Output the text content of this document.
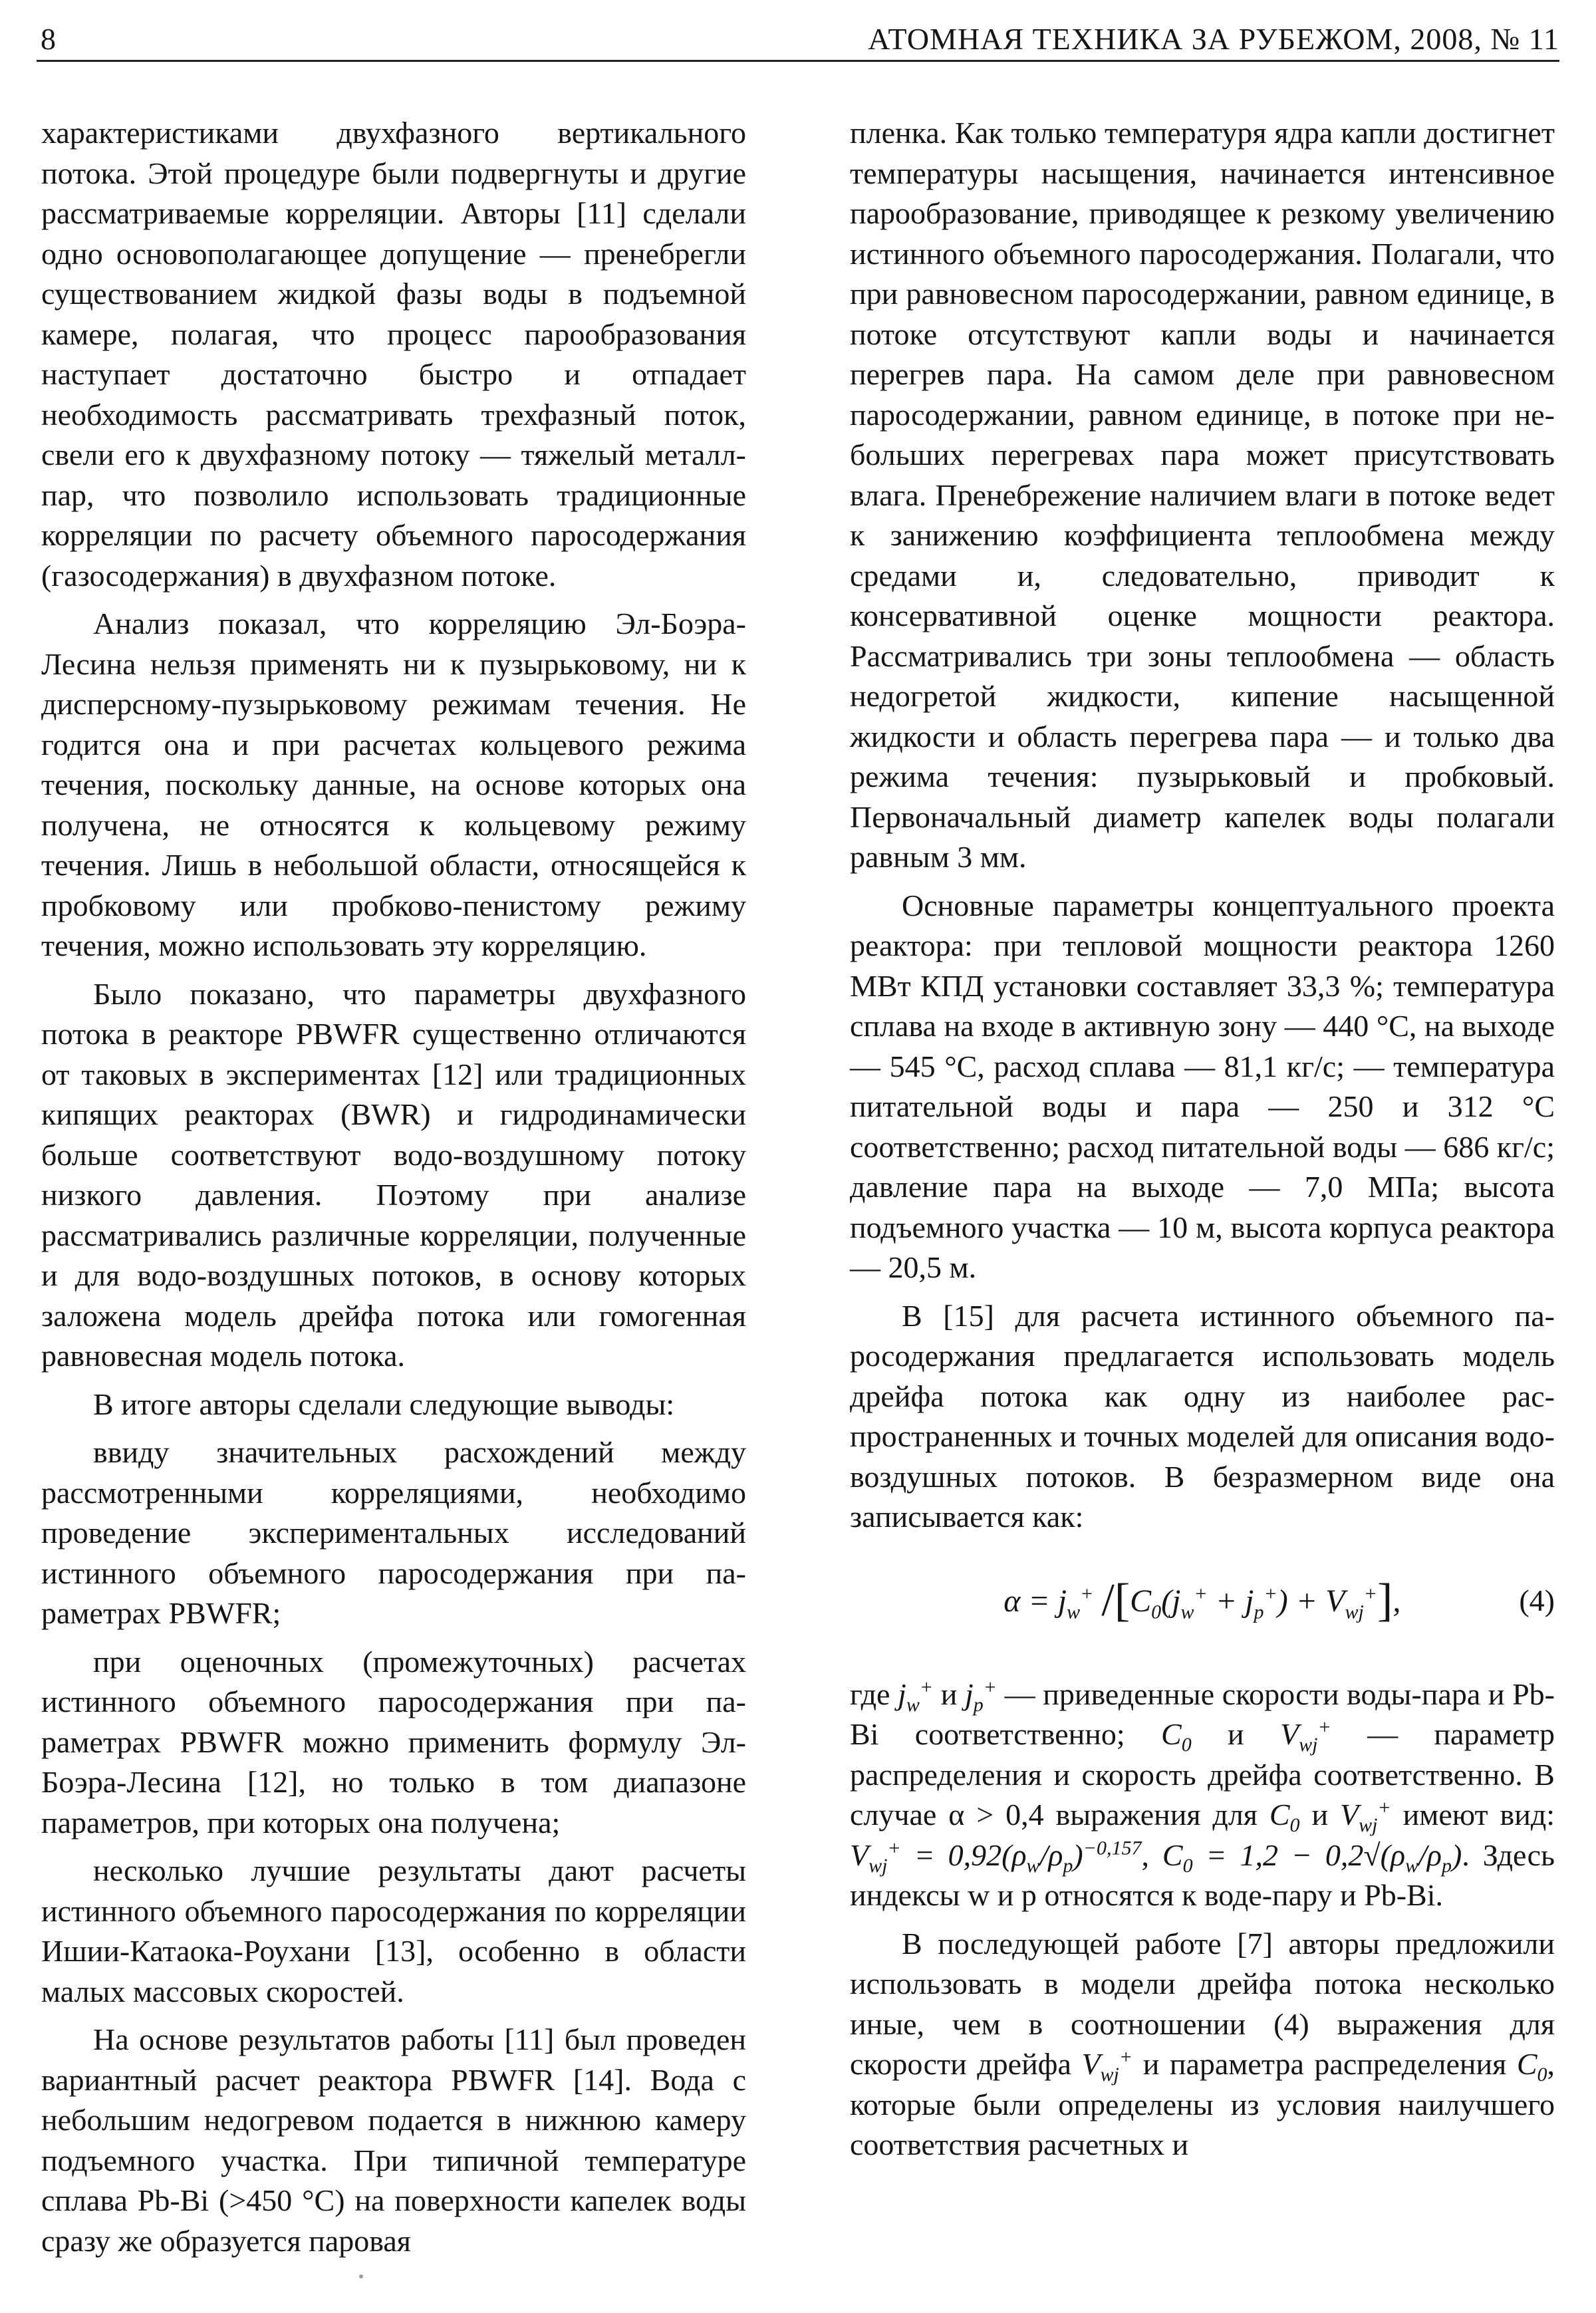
8	АТОМНАЯ ТЕХНИКА ЗА РУБЕЖОМ, 2008, № 11

характеристиками двухфазного вертикального потока. Этой процедуре были подвергнуты и другие рассматриваемые корреляции. Авторы [11] сделали одно основополагающее допущение — пренебрегли существованием жидкой фазы воды в подъемной камере, полагая, что процесс парообразования наступает достаточно быстро и отпадает необходимость рассматривать трехфазный поток, свели его к двухфазному потоку — тяжелый металл-пар, что позволило использовать традиционные корреляции по расчету объемного паросодержания (газосодержания) в двухфазном потоке.

Анализ показал, что корреляцию Эл-Боэра-Лесина нельзя применять ни к пузырьковому, ни к дисперсному-пузырьковому режимам течения. Не годится она и при расчетах кольцевого режима течения, поскольку данные, на основе которых она получена, не относятся к кольцевому режиму течения. Лишь в небольшой области, относящейся к пробковому или пробково-пенистому режиму течения, можно использовать эту корреляцию.

Было показано, что параметры двухфазного потока в реакторе PBWFR существенно отличаются от таковых в экспериментах [12] или традиционных кипящих реакторах (BWR) и гидродинамически больше соответствуют водо-воздушному потоку низкого давления. Поэтому при анализе рассматривались различные корреляции, полученные и для водо-воздушных потоков, в основу которых заложена модель дрейфа потока или гомогенная равновесная модель потока.

В итоге авторы сделали следующие выводы:

ввиду значительных расхождений между рассмотренными корреляциями, необходимо проведение экспериментальных исследований истинного объемного паросодержания при параметрах PBWFR;

при оценочных (промежуточных) расчетах истинного объемного паросодержания при параметрах PBWFR можно применить формулу Эл-Боэра-Лесина [12], но только в том диапазоне параметров, при которых она получена;

несколько лучшие результаты дают расчеты истинного объемного паросодержания по корреляции Ишии-Катаока-Роухани [13], особенно в области малых массовых скоростей.

На основе результатов работы [11] был проведен вариантный расчет реактора PBWFR [14]. Вода с небольшим недогревом подается в нижнюю камеру подъемного участка. При типичной температуре сплава Pb-Bi (>450 °С) на поверхности капелек воды сразу же образуется паровая

пленка. Как только температуря ядра капли достигнет температуры насыщения, начинается интенсивное парообразование, приводящее к резкому увеличению истинного объемного паросодержания. Полагали, что при равновесном паросодержании, равном единице, в потоке отсутствуют капли воды и начинается перегрев пара. На самом деле при равновесном паросодержании, равном единице, в потоке при небольших перегревах пара может присутствовать влага. Пренебрежение наличием влаги в потоке ведет к занижению коэффициента теплообмена между средами и, следовательно, приводит к консервативной оценке мощности реактора. Рассматривались три зоны теплообмена — область недогретой жидкости, кипение насыщенной жидкости и область перегрева пара — и только два режима течения: пузырьковый и пробковый. Первоначальный диаметр капелек воды полагали равным 3 мм.

Основные параметры концептуального проекта реактора: при тепловой мощности реактора 1260 МВт КПД установки составляет 33,3 %; температура сплава на входе в активную зону — 440 °С, на выходе — 545 °С, расход сплава — 81,1 кг/с; — температура питательной воды и пара — 250 и 312 °С соответственно; расход питательной воды — 686 кг/с; давление пара на выходе — 7,0 МПа; высота подъемного участка — 10 м, высота корпуса реактора — 20,5 м.

В [15] для расчета истинного объемного паросодержания предлагается использовать модель дрейфа потока как одну из наиболее распространенных и точных моделей для описания водо-воздушных потоков. В безразмерном виде она записывается как:

$\alpha = j_w^+$ $/[C_0(j_w^+ + j_p^+) + V_{wj}^+]$,	(4)

где $j_w^+$ и $j_p^+$ — приведенные скорости воды-пара и Pb-Bi соответственно; $C_0$ и $V_{wj}^+$ — параметр распределения и скорость дрейфа соответственно. В случае α > 0,4 выражения для $C_0$ и $V_{wj}^+$ имеют вид: $V_{wj}^+ = 0,92(\rho_w/\rho_p)^{-0,157}$, $C_0 = 1,2 - 0,2√(\rho_w/\rho_p)$. Здесь индексы w и p относятся к воде-пару и Pb-Bi.

В последующей работе [7] авторы предложили использовать в модели дрейфа потока несколько иные, чем в соотношении (4) выражения для скорости дрейфа $V_{wj}^+$ и параметра распределения $C_0$, которые были определены из условия наилучшего соответствия расчетных и
